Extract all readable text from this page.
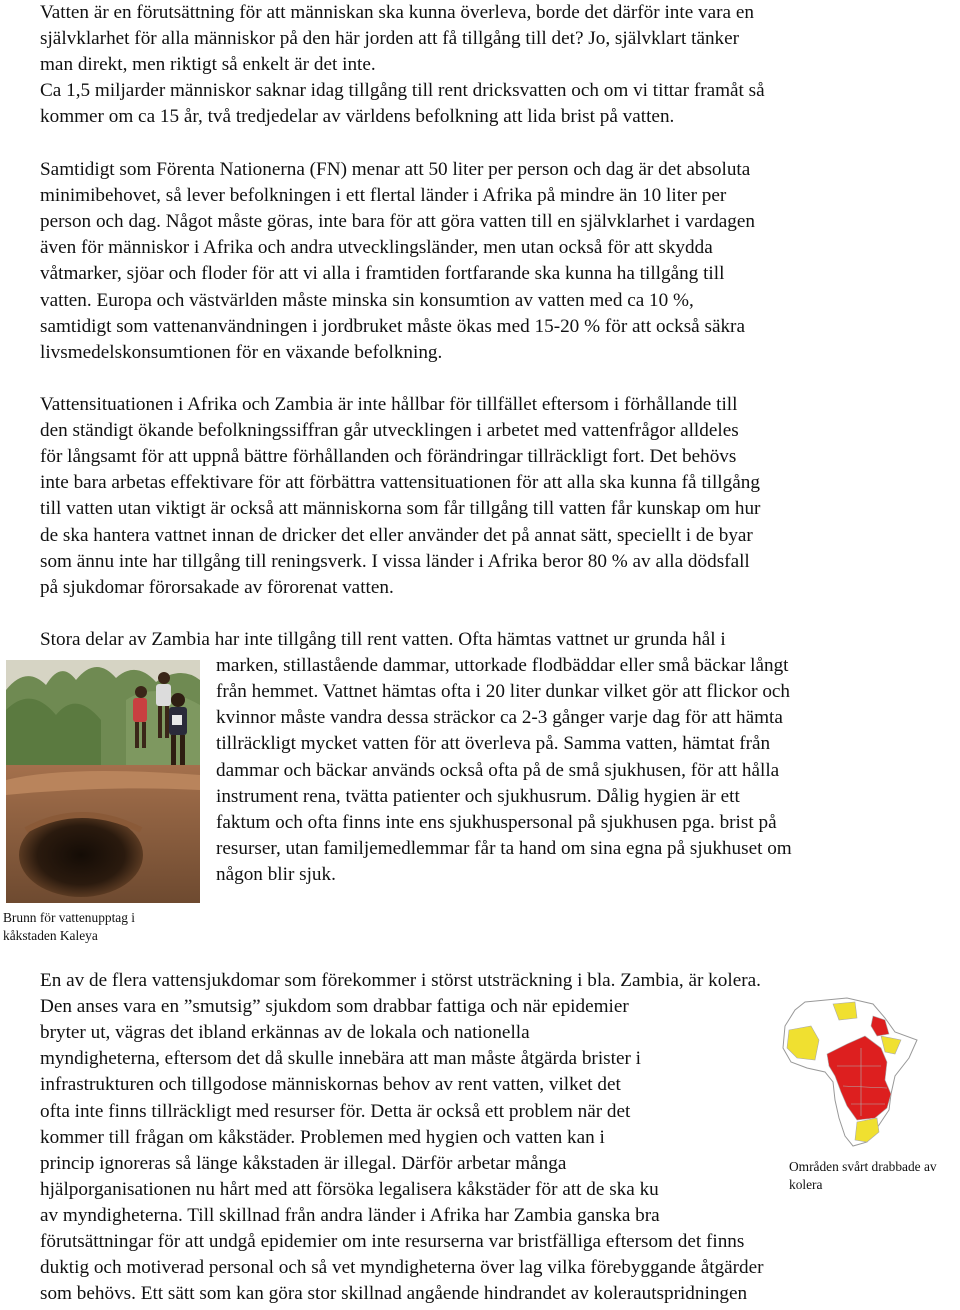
Vatten är en förutsättning för att människan ska kunna överleva, borde det därför inte vara en
självklarhet för alla människor på den här jorden att få tillgång till det? Jo, självklart tänker
man direkt, men riktigt så enkelt är det inte.
Ca 1,5 miljarder människor saknar idag tillgång till rent dricksvatten och om vi tittar framåt så
kommer om ca 15 år, två tredjedelar av världens befolkning att lida brist på vatten.
Samtidigt som Förenta Nationerna (FN) menar att 50 liter per person och dag är det absoluta
minimibehovet, så lever befolkningen i ett flertal länder i Afrika på mindre än 10 liter per
person och dag. Något måste göras, inte bara för att göra vatten till en självklarhet i vardagen
även för människor i Afrika och andra utvecklingsländer, men utan också för att skydda
våtmarker, sjöar och floder för att vi alla i framtiden fortfarande ska kunna ha tillgång till
vatten. Europa och västvärlden måste minska sin konsumtion av vatten med ca 10 %,
samtidigt som vattenanvändningen i jordbruket måste ökas med 15-20 % för att också säkra
livsmedelskonsumtionen för en växande befolkning.
Vattensituationen i Afrika och Zambia är inte hållbar för tillfället eftersom i förhållande till
den ständigt ökande befolkningssiffran går utvecklingen i arbetet med vattenfrågor alldeles
för långsamt för att uppnå bättre förhållanden och förändringar tillräckligt fort. Det behövs
inte bara arbetas effektivare för att förbättra vattensituationen för att alla ska kunna få tillgång
till vatten utan viktigt är också att människorna som får tillgång till vatten får kunskap om hur
de ska hantera vattnet innan de dricker det eller använder det på annat sätt, speciellt i de byar
som ännu inte har tillgång till reningsverk. I vissa länder i Afrika beror 80 % av alla dödsfall
på sjukdomar förorsakade av förorenat vatten.
Stora delar av Zambia har inte tillgång till rent vatten. Ofta hämtas vattnet ur grunda hål i
marken, stillastående dammar, uttorkade flodbäddar eller små bäckar långt
från hemmet. Vattnet hämtas ofta i 20 liter dunkar vilket gör att flickor och
kvinnor måste vandra dessa sträckor ca 2-3 gånger varje dag för att hämta
tillräckligt mycket vatten för att överleva på. Samma vatten, hämtat från
dammar och bäckar används också ofta på de små sjukhusen, för att hålla
instrument rena, tvätta patienter och sjukhusrum. Dålig hygien är ett
faktum och ofta finns inte ens sjukhuspersonal på sjukhusen pga. brist på
resurser, utan familjemedlemmar får ta hand om sina egna på sjukhuset om
någon blir sjuk.
Brunn för vattenupptag i
kåkstaden Kaleya
En av de flera vattensjukdomar som förekommer i störst utsträckning i bla. Zambia, är kolera.
Den anses vara en ”smutsig” sjukdom som drabbar fattiga och när epidemier
bryter ut, vägras det ibland erkännas av de lokala och nationella
myndigheterna, eftersom det då skulle innebära att man måste åtgärda brister i
infrastrukturen och tillgodose människornas behov av rent vatten, vilket det
ofta inte finns tillräckligt med resurser för. Detta är också ett problem när det
kommer till frågan om kåkstäder. Problemen med hygien och vatten kan i
princip ignoreras så länge kåkstaden är illegal. Därför arbetar många
hjälporganisationen nu hårt med att försöka legalisera kåkstäder för att de ska ku
av myndigheterna. Till skillnad från andra länder i Afrika har Zambia ganska bra
förutsättningar för att undgå epidemier om inte resurserna var bristfälliga eftersom det finns
duktig och motiverad personal och så vet myndigheterna över lag vilka förebyggande åtgärder
som behövs. Ett sätt som kan göra stor skillnad angående hindrandet av kolerautspridningen
Områden svårt drabbade av
kolera
